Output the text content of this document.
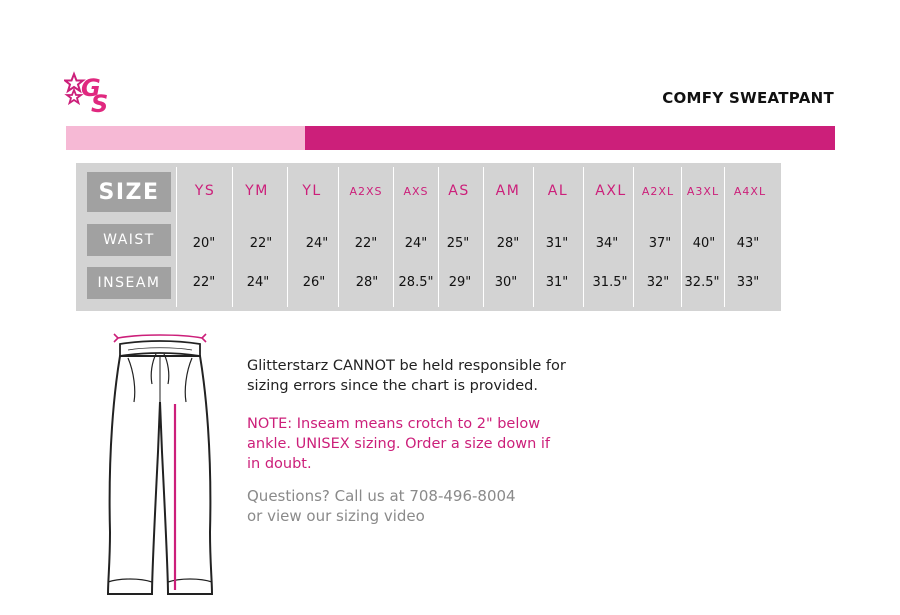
G
S	COMFY SWEATPANT
SIZE
WAIST
INSEAM
YS
20"
22"
YM
22"
24"
YL
24"
26"
A2XS
22"
28"
AXS
24"
28.5"
AS
25"
29"
AM
28"
30"
AL
31"
31"
AXL
34"
31.5"
A2XL
37"
32"
A3XL
40"
32.5"
A4XL
43"
33"

Glitterstarz CANNOT be held responsible for

sizing errors since the chart is provided.

NOTE: Inseam means crotch to 2" below

ankle. UNISEX sizing. Order a size down if

in doubt.

Questions? Call us at 708-496-8004

or view our sizing video
